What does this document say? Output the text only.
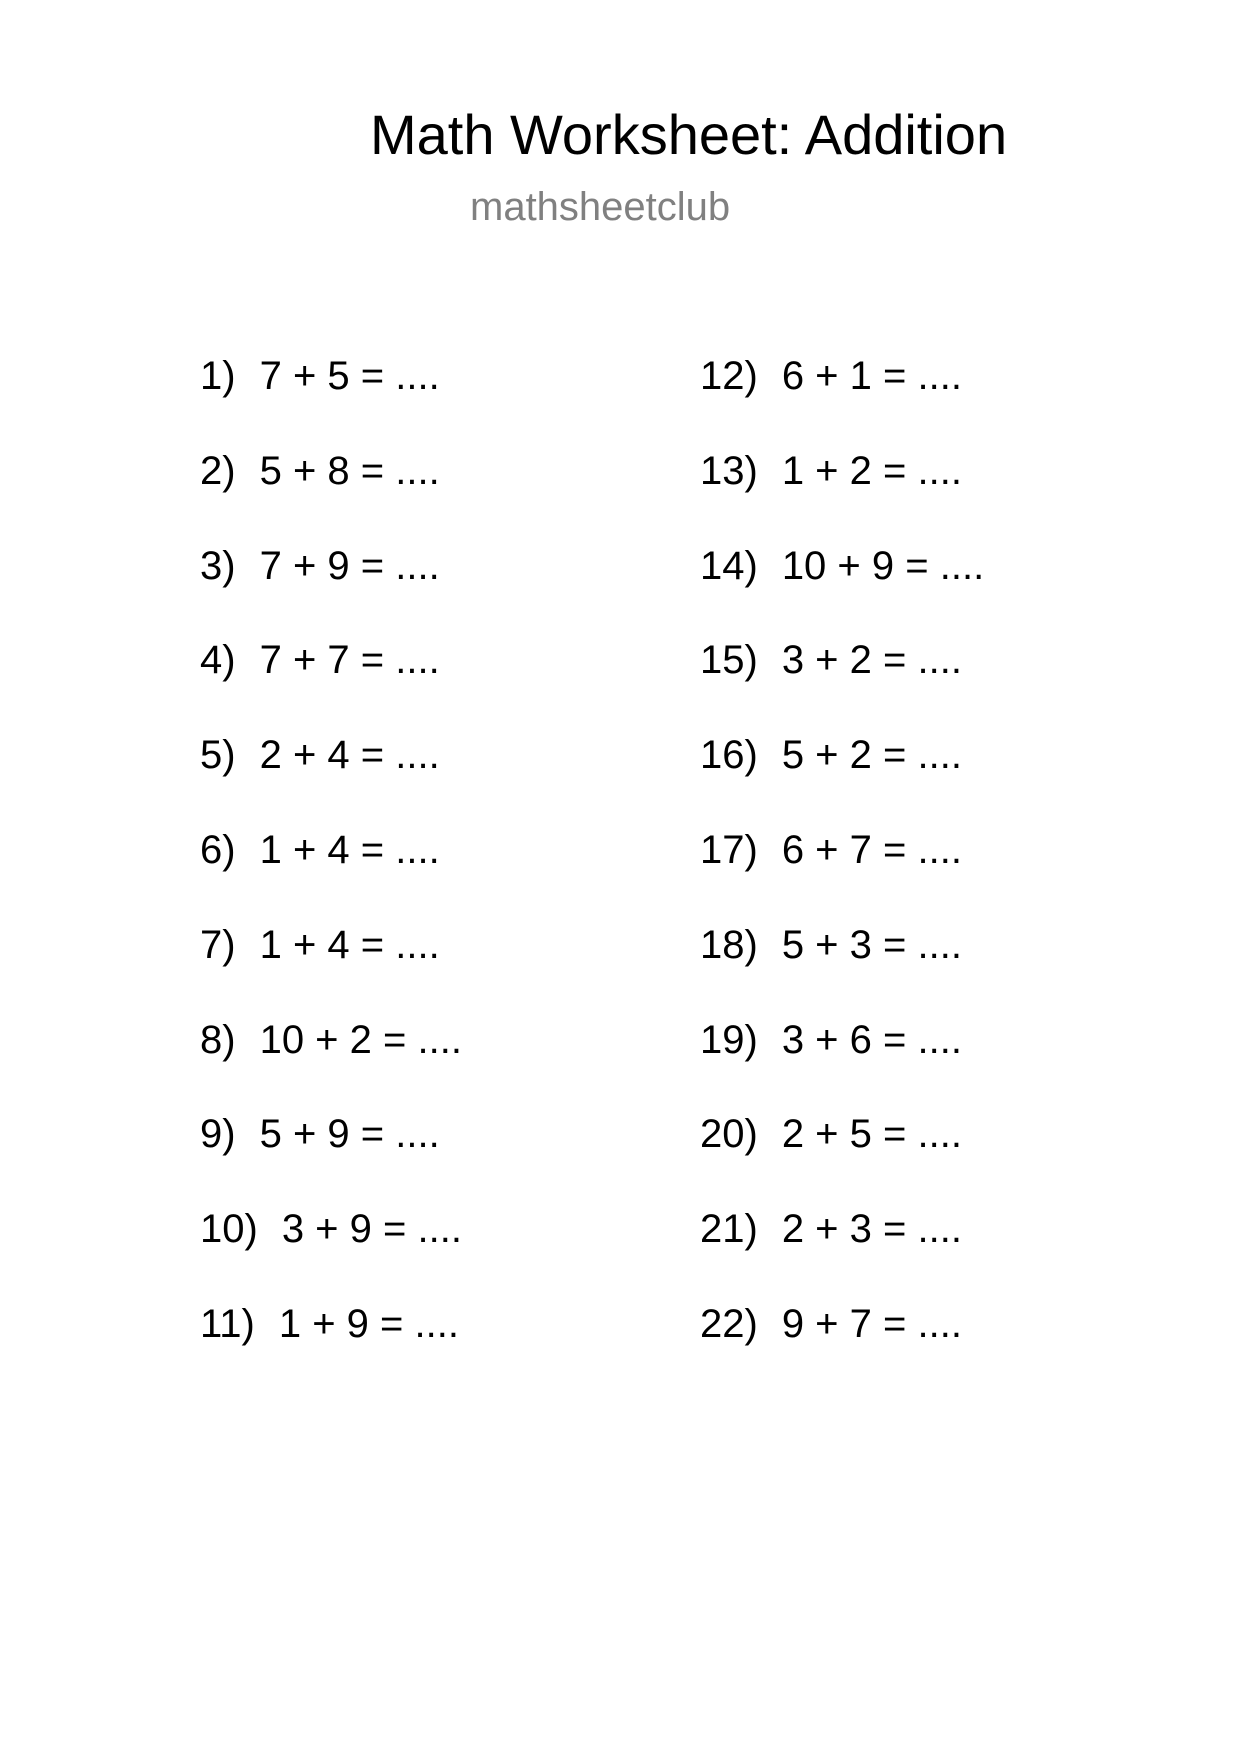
Math Worksheet: Addition
mathsheetclub
1) 7 + 5 = ....
2) 5 + 8 = ....
3) 7 + 9 = ....
4) 7 + 7 = ....
5) 2 + 4 = ....
6) 1 + 4 = ....
7) 1 + 4 = ....
8) 10 + 2 = ....
9) 5 + 9 = ....
10) 3 + 9 = ....
11) 1 + 9 = ....
12) 6 + 1 = ....
13) 1 + 2 = ....
14) 10 + 9 = ....
15) 3 + 2 = ....
16) 5 + 2 = ....
17) 6 + 7 = ....
18) 5 + 3 = ....
19) 3 + 6 = ....
20) 2 + 5 = ....
21) 2 + 3 = ....
22) 9 + 7 = ....
